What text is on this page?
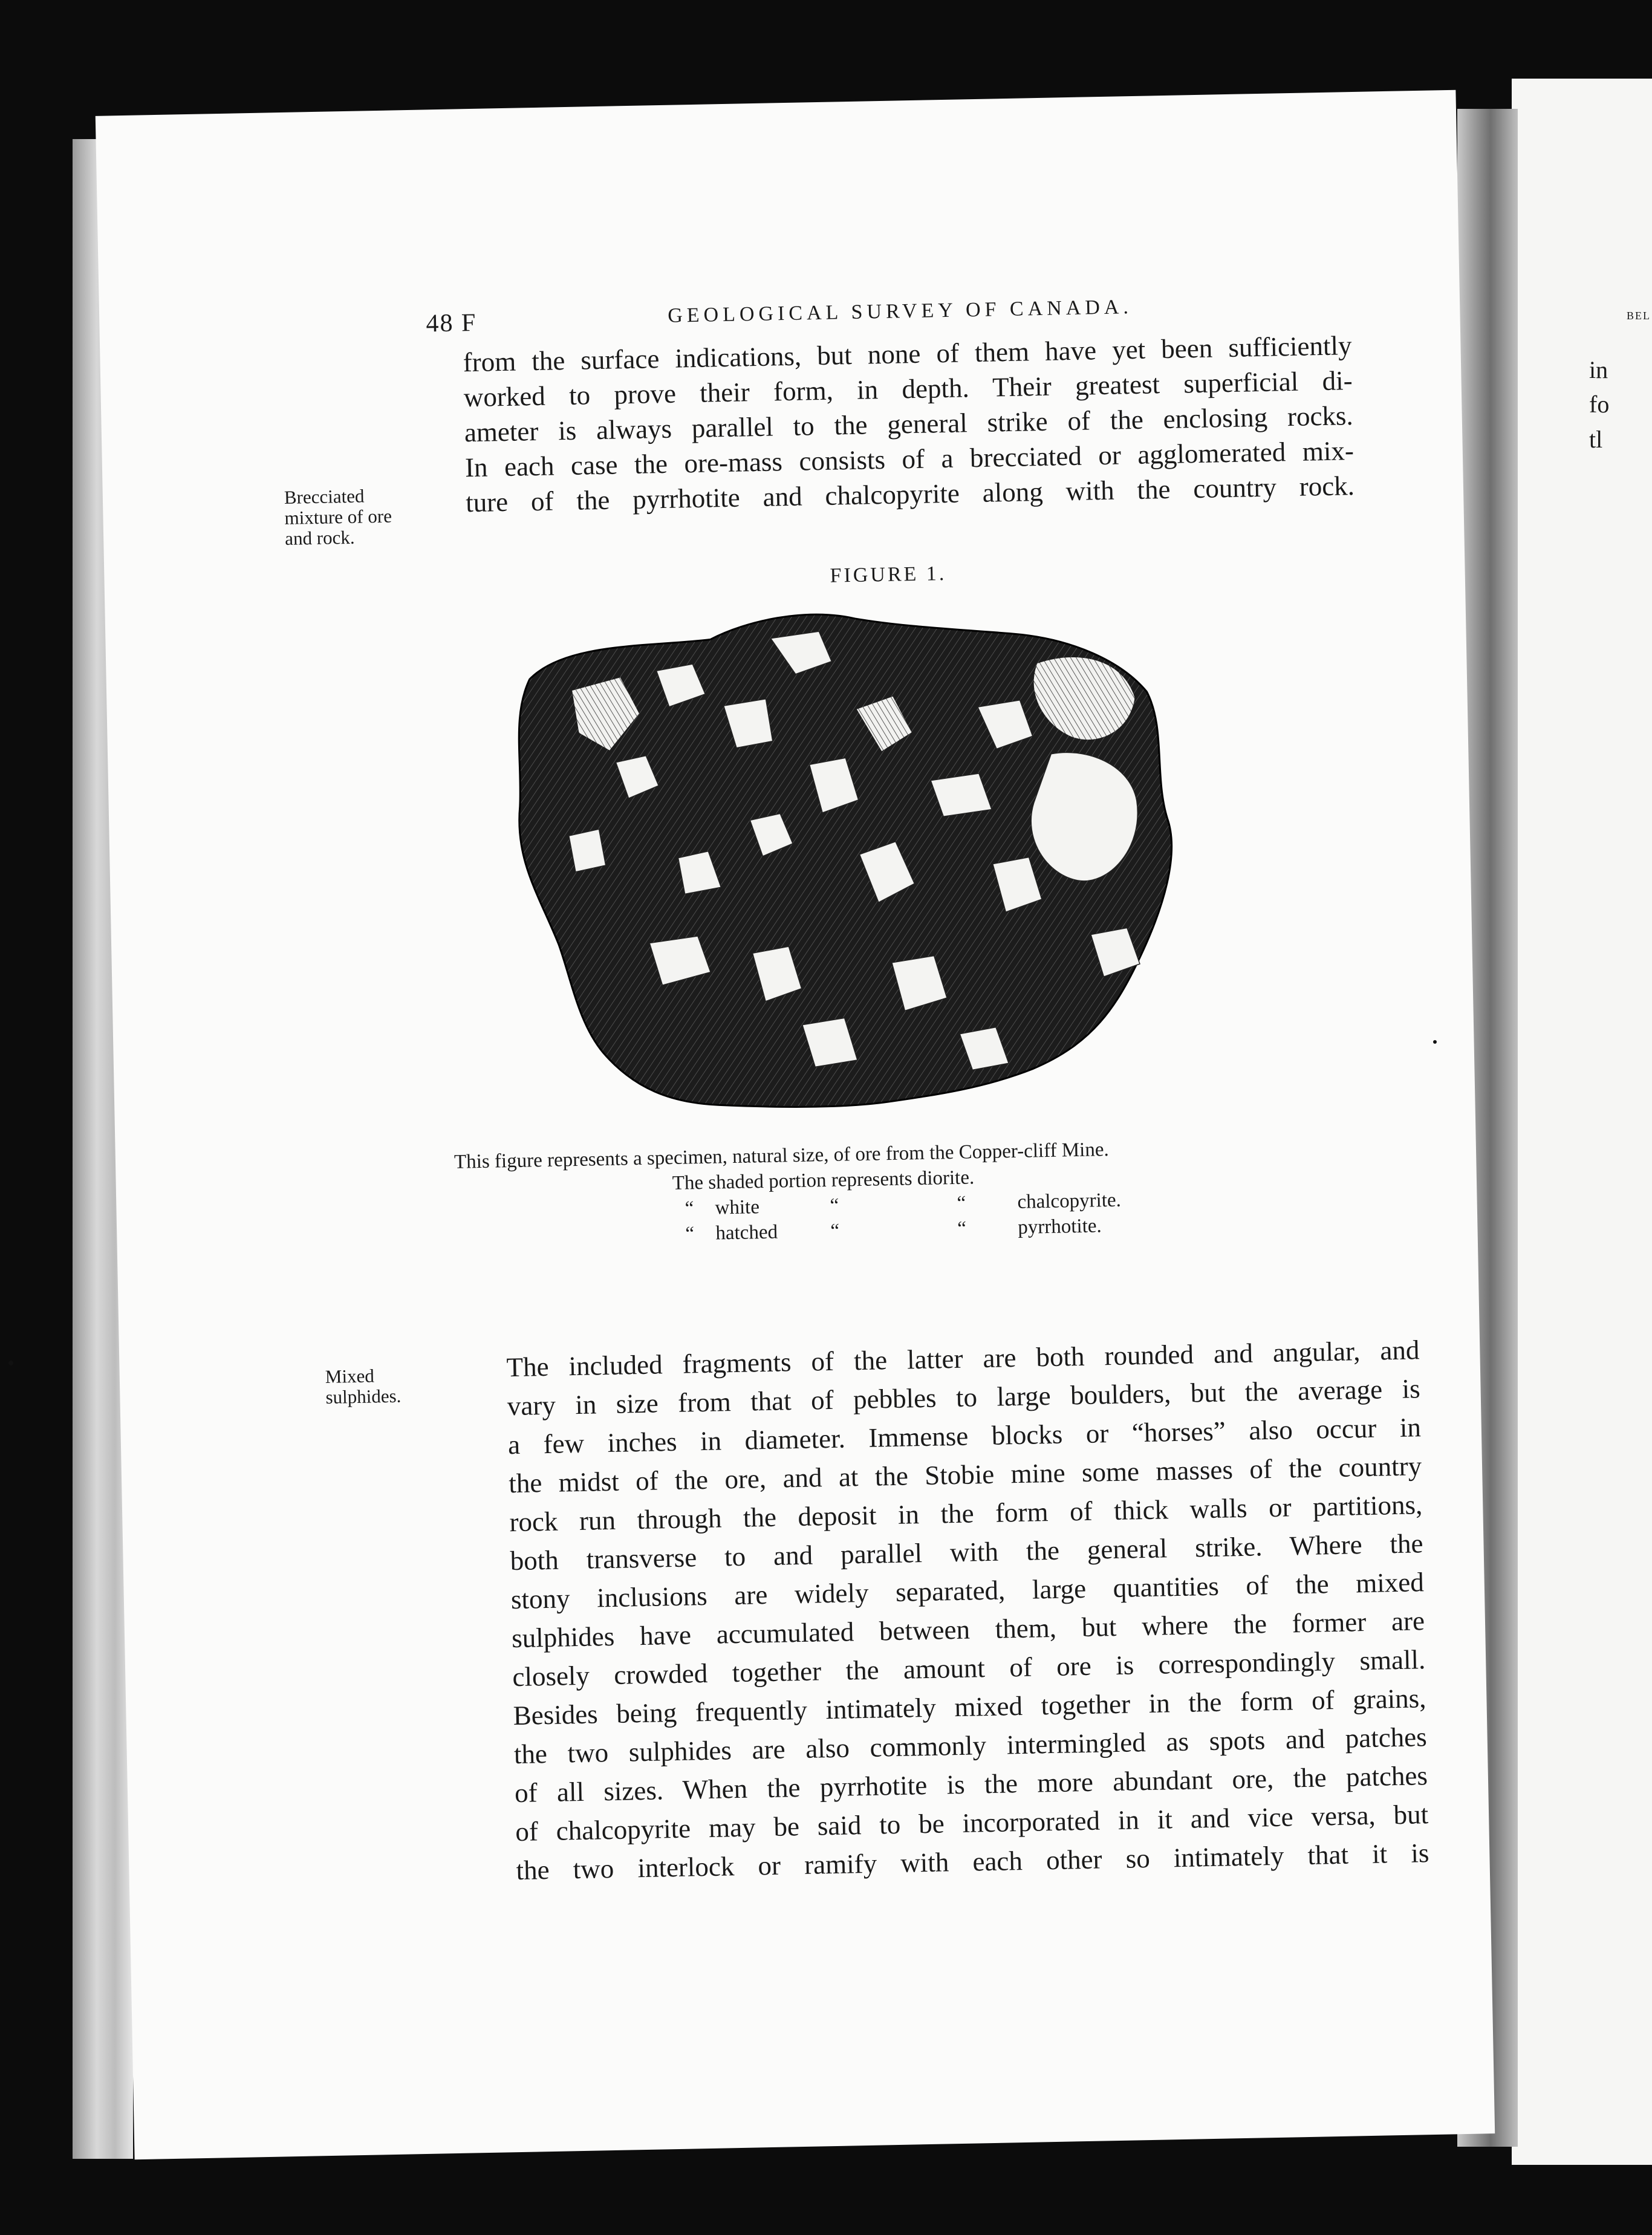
BEL
in
fo
tl
48 F	GEOLOGICAL SURVEY OF CANADA.
from the surface indications, but none of them have yet been sufficiently
worked to prove their form, in depth. Their greatest superficial di-
ameter is always parallel to the general strike of the enclosing rocks.
In each case the ore-mass consists of a brecciated or agglomerated mix-
ture of the pyrrhotite and chalcopyrite along with the country rock.
Brecciated
mixture of ore
and rock.
FIGURE 1.
This figure represents a specimen, natural size, of ore from the Copper-cliff Mine.
The shaded portion represents diorite.
“ white	“	“	chalcopyrite.
“ hatched	“	“	pyrrhotite.
Mixed
sulphides.
The included fragments of the latter are both rounded and angular, and
vary in size from that of pebbles to large boulders, but the average is
a few inches in diameter. Immense blocks or “horses” also occur in
the midst of the ore, and at the Stobie mine some masses of the country
rock run through the deposit in the form of thick walls or partitions,
both transverse to and parallel with the general strike. Where the
stony inclusions are widely separated, large quantities of the mixed
sulphides have accumulated between them, but where the former are
closely crowded together the amount of ore is correspondingly small.
Besides being frequently intimately mixed together in the form of grains,
the two sulphides are also commonly intermingled as spots and patches
of all sizes. When the pyrrhotite is the more abundant ore, the patches
of chalcopyrite may be said to be incorporated in it and vice versa, but
the two interlock or ramify with each other so intimately that it is
